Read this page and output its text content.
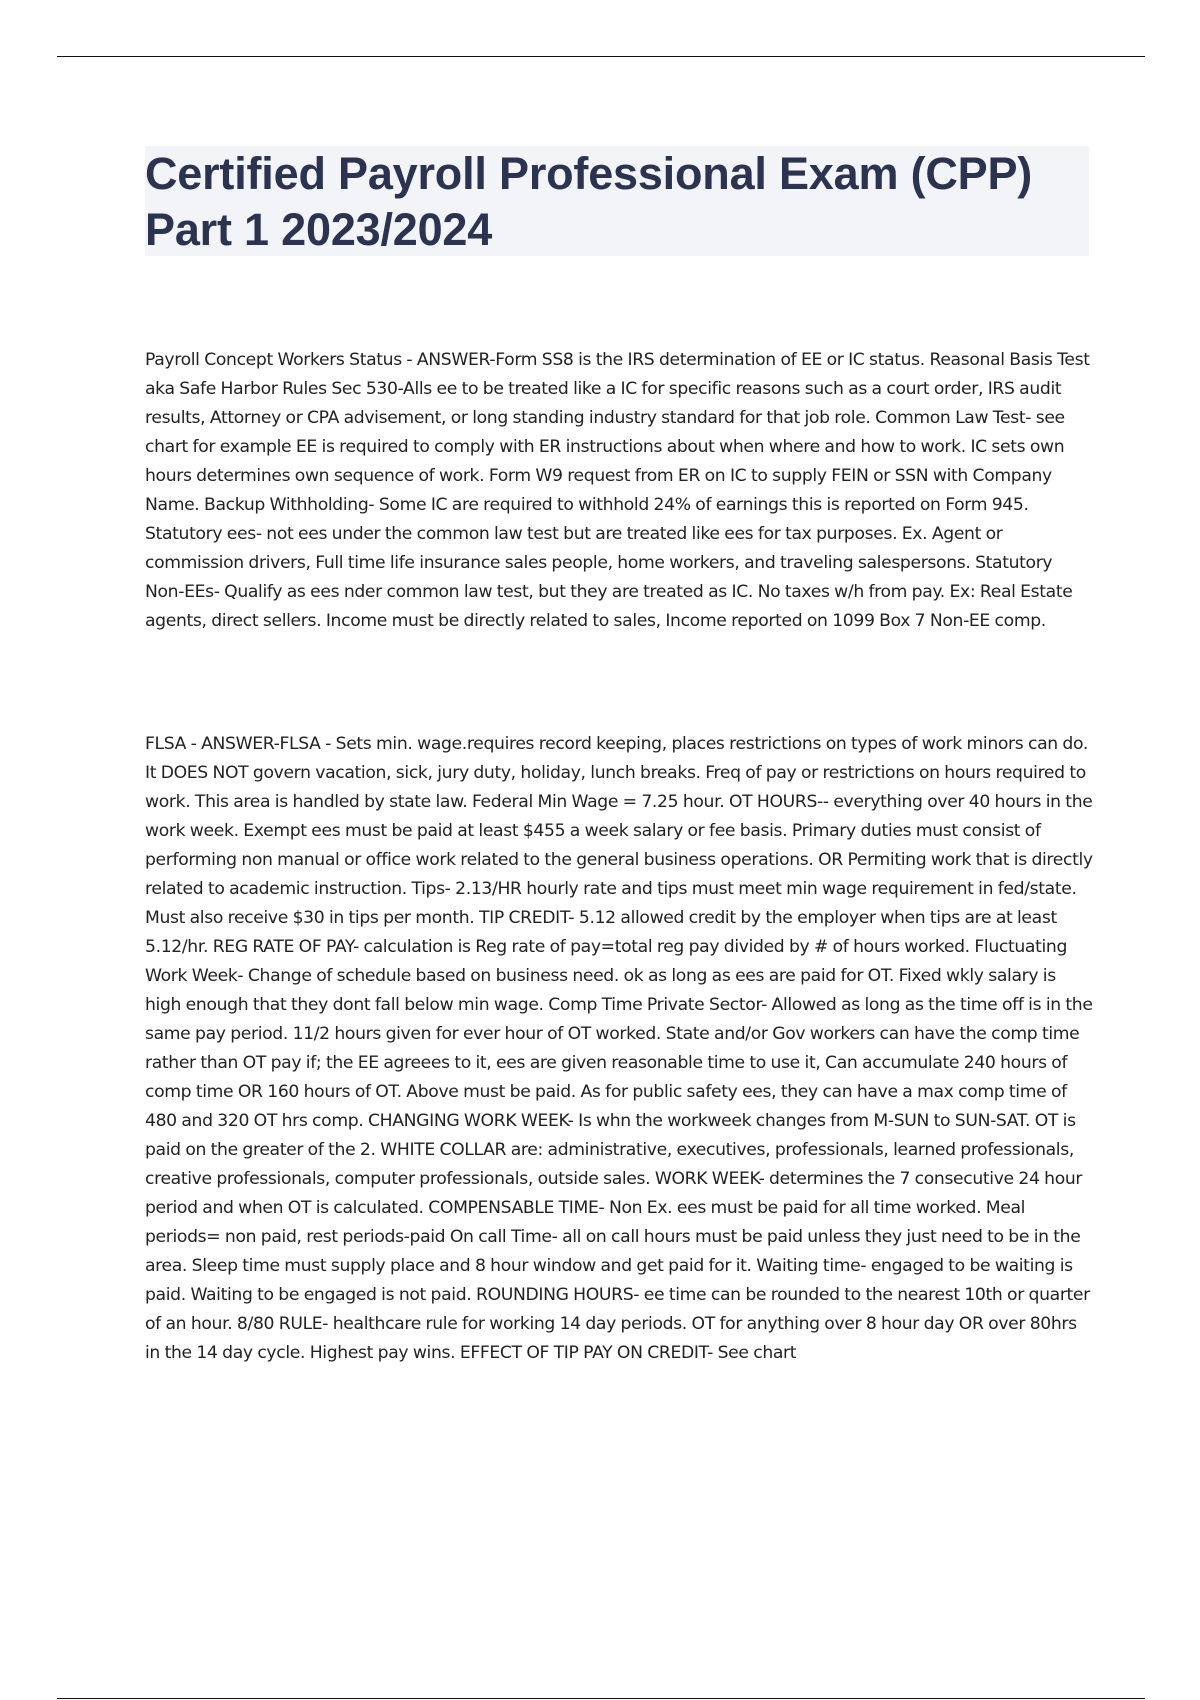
Certified Payroll Professional Exam (CPP) Part 1 2023/2024

Payroll Concept Workers Status - ANSWER-Form SS8 is the IRS determination of EE or IC status. Reasonal Basis Test aka Safe Harbor Rules Sec 530-Alls ee to be treated like a IC for specific reasons such as a court order, IRS audit results, Attorney or CPA advisement, or long standing industry standard for that job role. Common Law Test- see chart for example EE is required to comply with ER instructions about when where and how to work. IC sets own hours determines own sequence of work. Form W9 request from ER on IC to supply FEIN or SSN with Company Name. Backup Withholding- Some IC are required to withhold 24% of earnings this is reported on Form 945. Statutory ees- not ees under the common law test but are treated like ees for tax purposes. Ex. Agent or commission drivers, Full time life insurance sales people, home workers, and traveling salespersons. Statutory Non-EEs- Qualify as ees nder common law test, but they are treated as IC. No taxes w/h from pay. Ex: Real Estate agents, direct sellers. Income must be directly related to sales, Income reported on 1099 Box 7 Non-EE comp.

FLSA - ANSWER-FLSA - Sets min. wage.requires record keeping, places restrictions on types of work minors can do. It DOES NOT govern vacation, sick, jury duty, holiday, lunch breaks. Freq of pay or restrictions on hours required to work. This area is handled by state law. Federal Min Wage = 7.25 hour. OT HOURS-- everything over 40 hours in the work week. Exempt ees must be paid at least $455 a week salary or fee basis. Primary duties must consist of performing non manual or office work related to the general business operations. OR Permiting work that is directly related to academic instruction. Tips- 2.13/HR hourly rate and tips must meet min wage requirement in fed/state. Must also receive $30 in tips per month. TIP CREDIT- 5.12 allowed credit by the employer when tips are at least 5.12/hr. REG RATE OF PAY- calculation is Reg rate of pay=total reg pay divided by # of hours worked. Fluctuating Work Week- Change of schedule based on business need. ok as long as ees are paid for OT. Fixed wkly salary is high enough that they dont fall below min wage. Comp Time Private Sector- Allowed as long as the time off is in the same pay period. 11/2 hours given for ever hour of OT worked. State and/or Gov workers can have the comp time rather than OT pay if; the EE agreees to it, ees are given reasonable time to use it, Can accumulate 240 hours of comp time OR 160 hours of OT. Above must be paid. As for public safety ees, they can have a max comp time of 480 and 320 OT hrs comp. CHANGING WORK WEEK- Is whn the workweek changes from M-SUN to SUN-SAT. OT is paid on the greater of the 2. WHITE COLLAR are: administrative, executives, professionals, learned professionals, creative professionals, computer professionals, outside sales. WORK WEEK- determines the 7 consecutive 24 hour period and when OT is calculated. COMPENSABLE TIME- Non Ex. ees must be paid for all time worked. Meal periods= non paid, rest periods-paid On call Time- all on call hours must be paid unless they just need to be in the area. Sleep time must supply place and 8 hour window and get paid for it. Waiting time- engaged to be waiting is paid. Waiting to be engaged is not paid. ROUNDING HOURS- ee time can be rounded to the nearest 10th or quarter of an hour. 8/80 RULE- healthcare rule for working 14 day periods. OT for anything over 8 hour day OR over 80hrs in the 14 day cycle. Highest pay wins. EFFECT OF TIP PAY ON CREDIT- See chart
